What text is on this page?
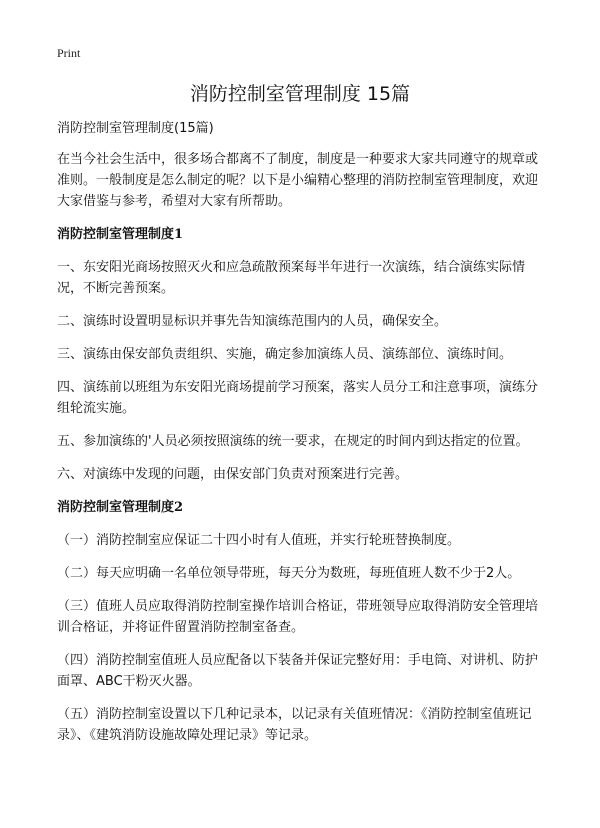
Print
消防控制室管理制度 15篇

消防控制室管理制度(15篇)

在当今社会生活中，很多场合都离不了制度，制度是一种要求大家共同遵守的规章或准则。一般制度是怎么制定的呢？以下是小编精心整理的消防控制室管理制度，欢迎大家借鉴与参考，希望对大家有所帮助。

消防控制室管理制度1

一、东安阳光商场按照灭火和应急疏散预案每半年进行一次演练，结合演练实际情况，不断完善预案。

二、演练时设置明显标识并事先告知演练范围内的人员，确保安全。

三、演练由保安部负责组织、实施，确定参加演练人员、演练部位、演练时间。

四、演练前以班组为东安阳光商场提前学习预案，落实人员分工和注意事项，演练分组轮流实施。

五、参加演练的'人员必须按照演练的统一要求，在规定的时间内到达指定的位置。

六、对演练中发现的问题，由保安部门负责对预案进行完善。

消防控制室管理制度2

（一）消防控制室应保证二十四小时有人值班，并实行轮班替换制度。

（二）每天应明确一名单位领导带班，每天分为数班，每班值班人数不少于2人。

（三）值班人员应取得消防控制室操作培训合格证，带班领导应取得消防安全管理培训合格证，并将证件留置消防控制室备查。

（四）消防控制室值班人员应配备以下装备并保证完整好用：手电筒、对讲机、防护面罩、ABC干粉灭火器。

（五）消防控制室设置以下几种记录本，以记录有关值班情况：《消防控制室值班记录》、《建筑消防设施故障处理记录》等记录。
